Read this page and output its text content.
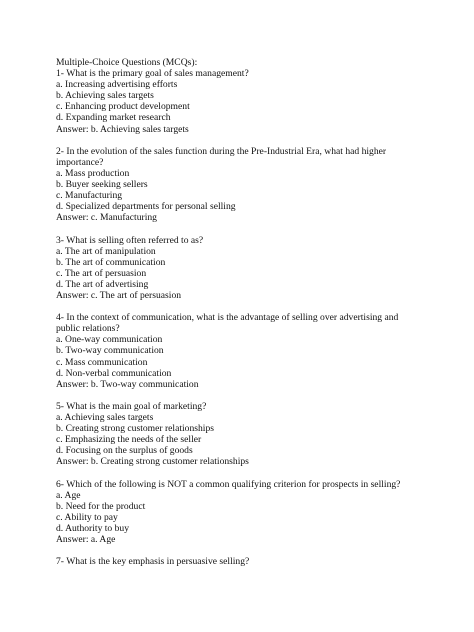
Multiple-Choice Questions (MCQs):

1- What is the primary goal of sales management?

a. Increasing advertising efforts

b. Achieving sales targets

c. Enhancing product development

d. Expanding market research

Answer: b. Achieving sales targets

2- In the evolution of the sales function during the Pre-Industrial Era, what had higher importance?

a. Mass production

b. Buyer seeking sellers

c. Manufacturing

d. Specialized departments for personal selling

Answer: c. Manufacturing

3- What is selling often referred to as?

a. The art of manipulation

b. The art of communication

c. The art of persuasion

d. The art of advertising

Answer: c. The art of persuasion

4- In the context of communication, what is the advantage of selling over advertising and public relations?

a. One-way communication

b. Two-way communication

c. Mass communication

d. Non-verbal communication

Answer: b. Two-way communication

5- What is the main goal of marketing?

a. Achieving sales targets

b. Creating strong customer relationships

c. Emphasizing the needs of the seller

d. Focusing on the surplus of goods

Answer: b. Creating strong customer relationships

6- Which of the following is NOT a common qualifying criterion for prospects in selling?

a. Age

b. Need for the product

c. Ability to pay

d. Authority to buy

Answer: a. Age

7- What is the key emphasis in persuasive selling?
